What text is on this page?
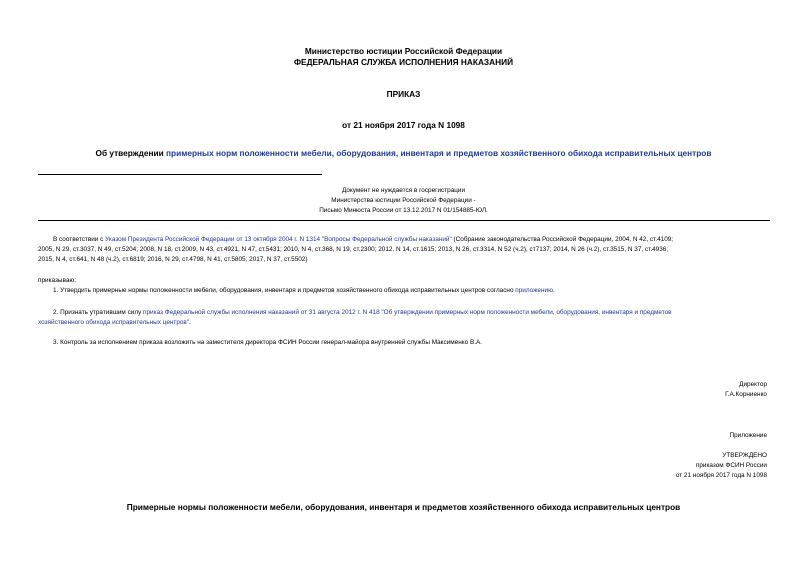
Министерство юстиции Российской Федерации
ФЕДЕРАЛЬНАЯ СЛУЖБА ИСПОЛНЕНИЯ НАКАЗАНИЙ
ПРИКАЗ
от 21 ноября 2017 года N 1098
Об утверждении примерных норм положенности мебели, оборудования, инвентаря и предметов хозяйственного обихода исправительных центров
Документ не нуждается в госрегистрации
Министерства юстиции Российской Федерации -
Письмо Минюста России от 13.12.2017 N 01/154885-ЮЛ.
В соответствии с Указом Президента Российской Федерации от 13 октября 2004 г. N 1314 "Вопросы Федеральной службы наказаний" (Собрание законодательства Российской Федерации, 2004, N 42, ст.4109;
2005, N 29, ст.3037, N 49, ст.5204; 2008, N 18, ст.2009, N 43, ст.4921, N 47, ст.5431; 2010, N 4, ст.368, N 19, ст.2300; 2012, N 14, ст.1615; 2013, N 26, ст.3314, N 52 (ч.2), ст7137; 2014, N 26 (ч.2), ст.3515, N 37, ст.4936;
2015, N 4, ст.641, N 48 (ч.2), ст.6819; 2016, N 29, ст.4798, N 41, ст.5805; 2017, N 37, ст.5502)
приказываю:
1. Утвердить примерные нормы положенности мебели, оборудования, инвентаря и предметов хозяйственного обихода исправительных центров согласно приложению.
2. Признать утратившим силу приказ Федеральной службы исполнения наказаний от 31 августа 2012 г. N 418 "Об утверждении примерных норм положенности мебели, оборудования, инвентаря и предметов
хозяйственного обихода исправительных центров".
3. Контроль за исполнением приказа возложить на заместителя директора ФСИН России генерал-майора внутренней службы Максименко В.А.
Директор
Г.А.Корниенко
Приложение
УТВЕРЖДЕНО
приказом ФСИН России
от 21 ноября 2017 года N 1098
Примерные нормы положенности мебели, оборудования, инвентаря и предметов хозяйственного обихода исправительных центров
